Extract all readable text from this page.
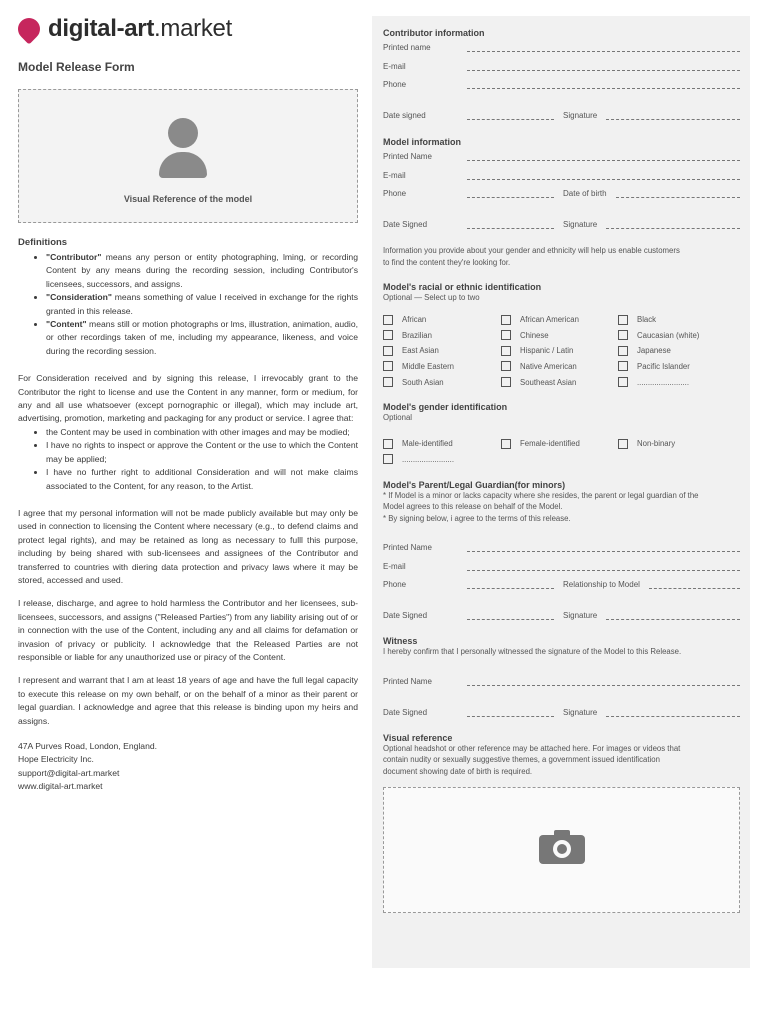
digital-art.market
Model Release Form
Visual Reference of the model
Definitions
• "Contributor" means any person or entity photographing, lming, or recording Content by any means during the recording session, including Contributor's licensees, successors, and assigns.
• "Consideration" means something of value I received in exchange for the rights granted in this release.
• "Content" means still or motion photographs or lms, illustration, animation, audio, or other recordings taken of me, including my appearance, likeness, and voice during the recording session.

For Consideration received and by signing this release, I irrevocably grant to the Contributor the right to license and use the Content in any manner, form or medium, for any and all use whatsoever (except pornographic or illegal), which may include art, advertising, promotion, marketing and packaging for any product or service. I agree that:

• the Content may be used in combination with other images and may be modied;
• I have no rights to inspect or approve the Content or the use to which the Content may be applied;
• I have no further right to additional Consideration and will not make claims associated to the Content, for any reason, to the Artist.

I agree that my personal information will not be made publicly available but may only be used in connection to licensing the Content where necessary (e.g., to defend claims and protect legal rights), and may be retained as long as necessary to fulll this purpose, including by being shared with sub-licensees and assignees of the Contributor and transferred to countries with diering data protection and privacy laws where it may be stored, accessed and used.

I release, discharge, and agree to hold harmless the Contributor and her licensees, sub-licensees, successors, and assigns ("Released Parties") from any liability arising out of or in connection with the use of the Content, including any and all claims for defamation or invasion of privacy or publicity. I acknowledge that the Released Parties are not responsible or liable for any unauthorized use or piracy of the Content.

I represent and warrant that I am at least 18 years of age and have the full legal capacity to execute this release on my own behalf, or on the behalf of a minor as their parent or legal guardian. I acknowledge and agree that this release is binding upon my heirs and assigns.

47A Purves Road, London, England.
Hope Electricity Inc.
support@digital-art.market
www.digital-art.market
Contributor information
Printed name
E-mail
Phone
Date signed	Signature
Model information
Printed Name
E-mail
Phone	Date of birth
Date Signed	Signature
Information you provide about your gender and ethnicity will help us enable customers to find the content they're looking for.
Model's racial or ethnic identification
Optional — Select up to two
African	African American	Black
Brazilian	Chinese	Caucasian (white)
East Asian	Hispanic / Latin	Japanese
Middle Eastern	Native American	Pacific Islander
South Asian	Southeast Asian	........................
Model's gender identification
Optional
Male-identified	Female-identified	Non-binary
........................
Model's Parent/Legal Guardian(for minors)
* If Model is a minor or lacks capacity where she resides, the parent or legal guardian of the Model agrees to this release on behalf of the Model.
* By signing below, i agree to the terms of this release.
Printed Name
E-mail
Phone	Relationship to Model
Date Signed	Signature
Witness
I hereby confirm that I personally witnessed the signature of the Model to this Release.
Printed Name
Date Signed	Signature
Visual reference
Optional headshot or other reference may be attached here. For images or videos that contain nudity or sexually suggestive themes, a government issued identification document showing date of birth is required.
